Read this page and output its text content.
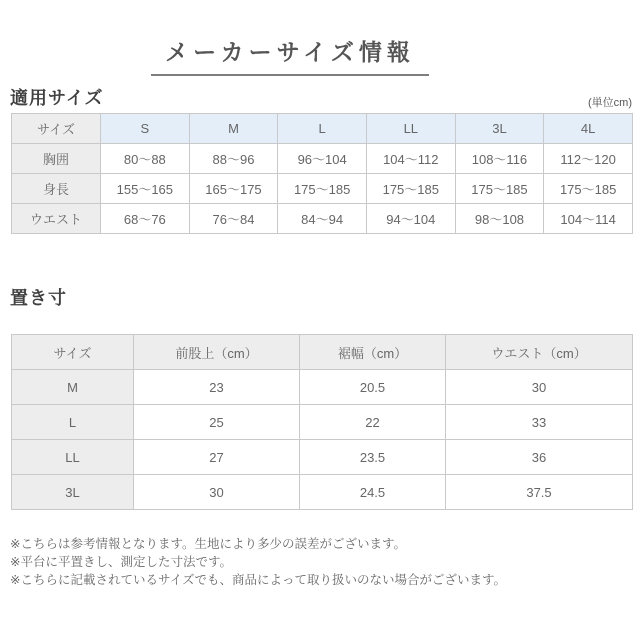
メーカーサイズ情報
適用サイズ	(単位cm)
サイズ	S	M	L	LL	3L	4L
胸囲	80〜88	88〜96	96〜104	104〜112	108〜116	112〜120
身長	155〜165	165〜175	175〜185	175〜185	175〜185	175〜185
ウエスト	68〜76	76〜84	84〜94	94〜104	98〜108	104〜114
置き寸
サイズ	前股上（cm）	裾幅（cm）	ウエスト（cm）
M	23	20.5	30
L	25	22	33
LL	27	23.5	36
3L	30	24.5	37.5

※こちらは参考情報となります。生地により多少の誤差がございます。

※平台に平置きし、測定した寸法です。

※こちらに記載されているサイズでも、商品によって取り扱いのない場合がございます。
